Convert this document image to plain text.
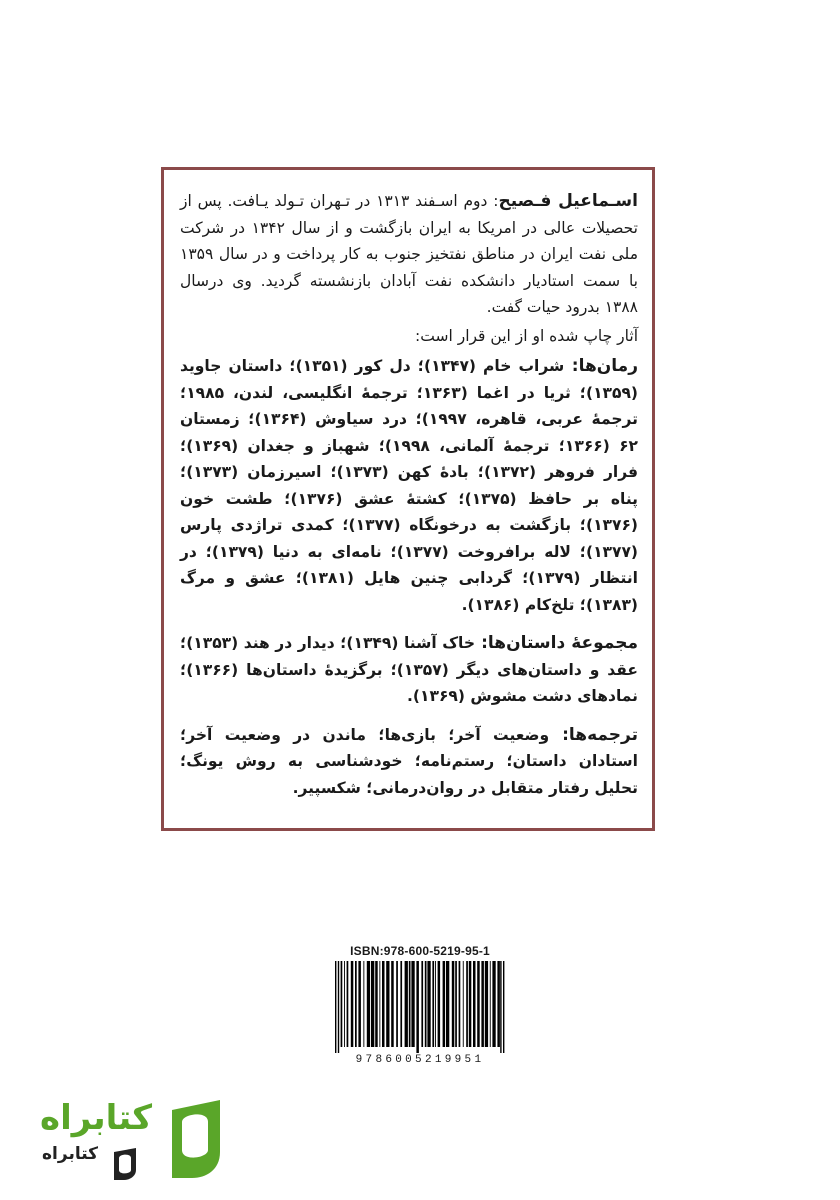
اسـماعیل فـصیح: دوم اسـفند ۱۳۱۳ در تـهران تـولد یـافت. پس از تحصیلات عالی در امریکا به ایران بازگشت و از سال ۱۳۴۲ در شرکت ملی نفت ایران در مناطق نفتخیز جنوب به کار پرداخت و در سال ۱۳۵۹ با سمت استادیار دانشکده نفت آبادان بازنشسته گردید. وی درسال ۱۳۸۸ بدرود حیات گفت.

آثار چاپ شده او از این قرار است:

رمان‌ها: شراب خام (۱۳۴۷)؛ دل کور (۱۳۵۱)؛ داستان جاوید (۱۳۵۹)؛ ثریا در اغما (۱۳۶۳؛ ترجمهٔ انگلیسی، لندن، ۱۹۸۵؛ ترجمهٔ عربی، قاهره، ۱۹۹۷)؛ درد سیاوش (۱۳۶۴)؛ زمستان ۶۲ (۱۳۶۶؛ ترجمهٔ آلمانی، ۱۹۹۸)؛ شهباز و جغدان (۱۳۶۹)؛ فرار فروهر (۱۳۷۲)؛ بادهٔ کهن (۱۳۷۳)؛ اسیرزمان (۱۳۷۳)؛ پناه بر حافظ (۱۳۷۵)؛ کشتهٔ عشق (۱۳۷۶)؛ طشت خون (۱۳۷۶)؛ بازگشت به درخونگاه (۱۳۷۷)؛ کمدی تراژدی پارس (۱۳۷۷)؛ لاله برافروخت (۱۳۷۷)؛ نامه‌ای به دنیا (۱۳۷۹)؛ در انتظار (۱۳۷۹)؛ گردابی چنین هایل (۱۳۸۱)؛ عشق و مرگ (۱۳۸۳)؛ تلخ‌کام (۱۳۸۶).

مجموعهٔ داستان‌ها: خاک آشنا (۱۳۴۹)؛ دیدار در هند (۱۳۵۳)؛ عقد و داستان‌های دیگر (۱۳۵۷)؛ برگزیدهٔ داستان‌ها (۱۳۶۶)؛ نمادهای دشت مشوش (۱۳۶۹).

ترجمه‌ها: وضعیت آخر؛ بازی‌ها؛ ماندن در وضعیت آخر؛ استادان داستان؛ رستم‌نامه؛ خودشناسی به روش یونگ؛ تحلیل رفتار متقابل در روان‌درمانی؛ شکسپیر.

ISBN:978-600-5219-95-1
9786005219951
کتابراه
کتابراه
